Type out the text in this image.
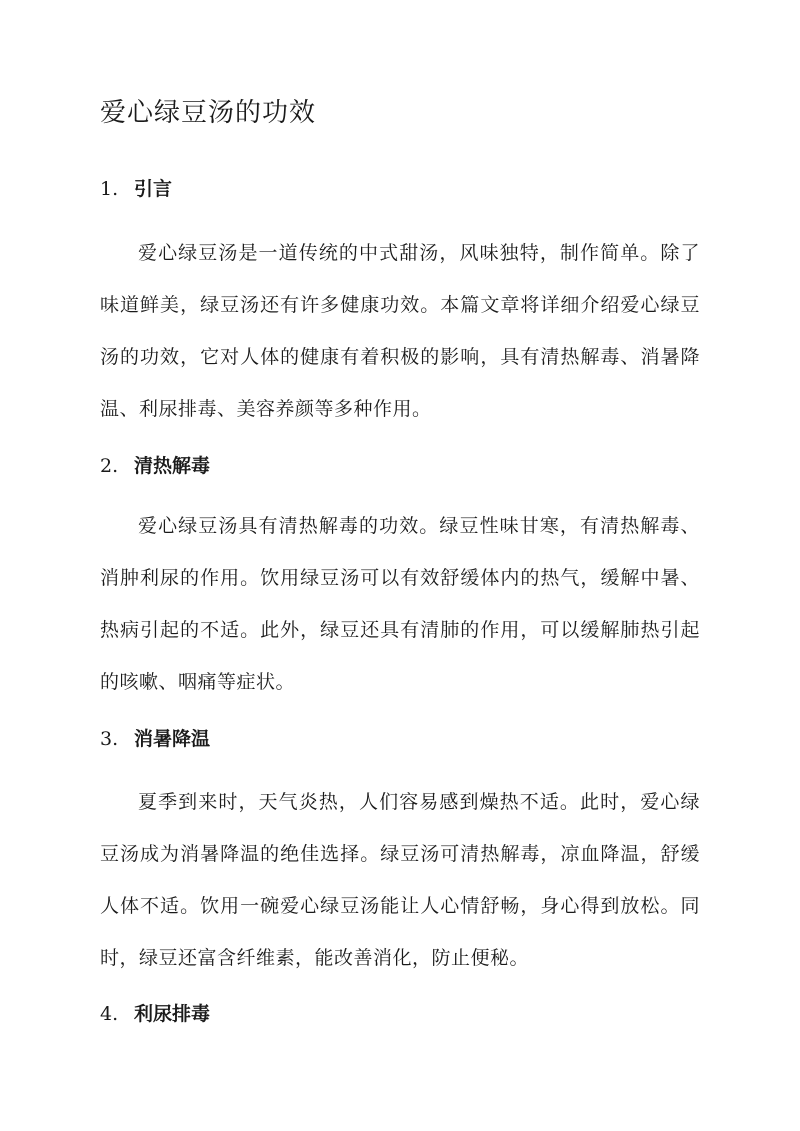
爱心绿豆汤的功效
1. 引言

爱心绿豆汤是一道传统的中式甜汤，风味独特，制作简单。除了味道鲜美，绿豆汤还有许多健康功效。本篇文章将详细介绍爱心绿豆汤的功效，它对人体的健康有着积极的影响，具有清热解毒、消暑降温、利尿排毒、美容养颜等多种作用。

2. 清热解毒

爱心绿豆汤具有清热解毒的功效。绿豆性味甘寒，有清热解毒、消肿利尿的作用。饮用绿豆汤可以有效舒缓体内的热气，缓解中暑、热病引起的不适。此外，绿豆还具有清肺的作用，可以缓解肺热引起的咳嗽、咽痛等症状。

3. 消暑降温

夏季到来时，天气炎热，人们容易感到燥热不适。此时，爱心绿豆汤成为消暑降温的绝佳选择。绿豆汤可清热解毒，凉血降温，舒缓人体不适。饮用一碗爱心绿豆汤能让人心情舒畅，身心得到放松。同时，绿豆还富含纤维素，能改善消化，防止便秘。

4. 利尿排毒
